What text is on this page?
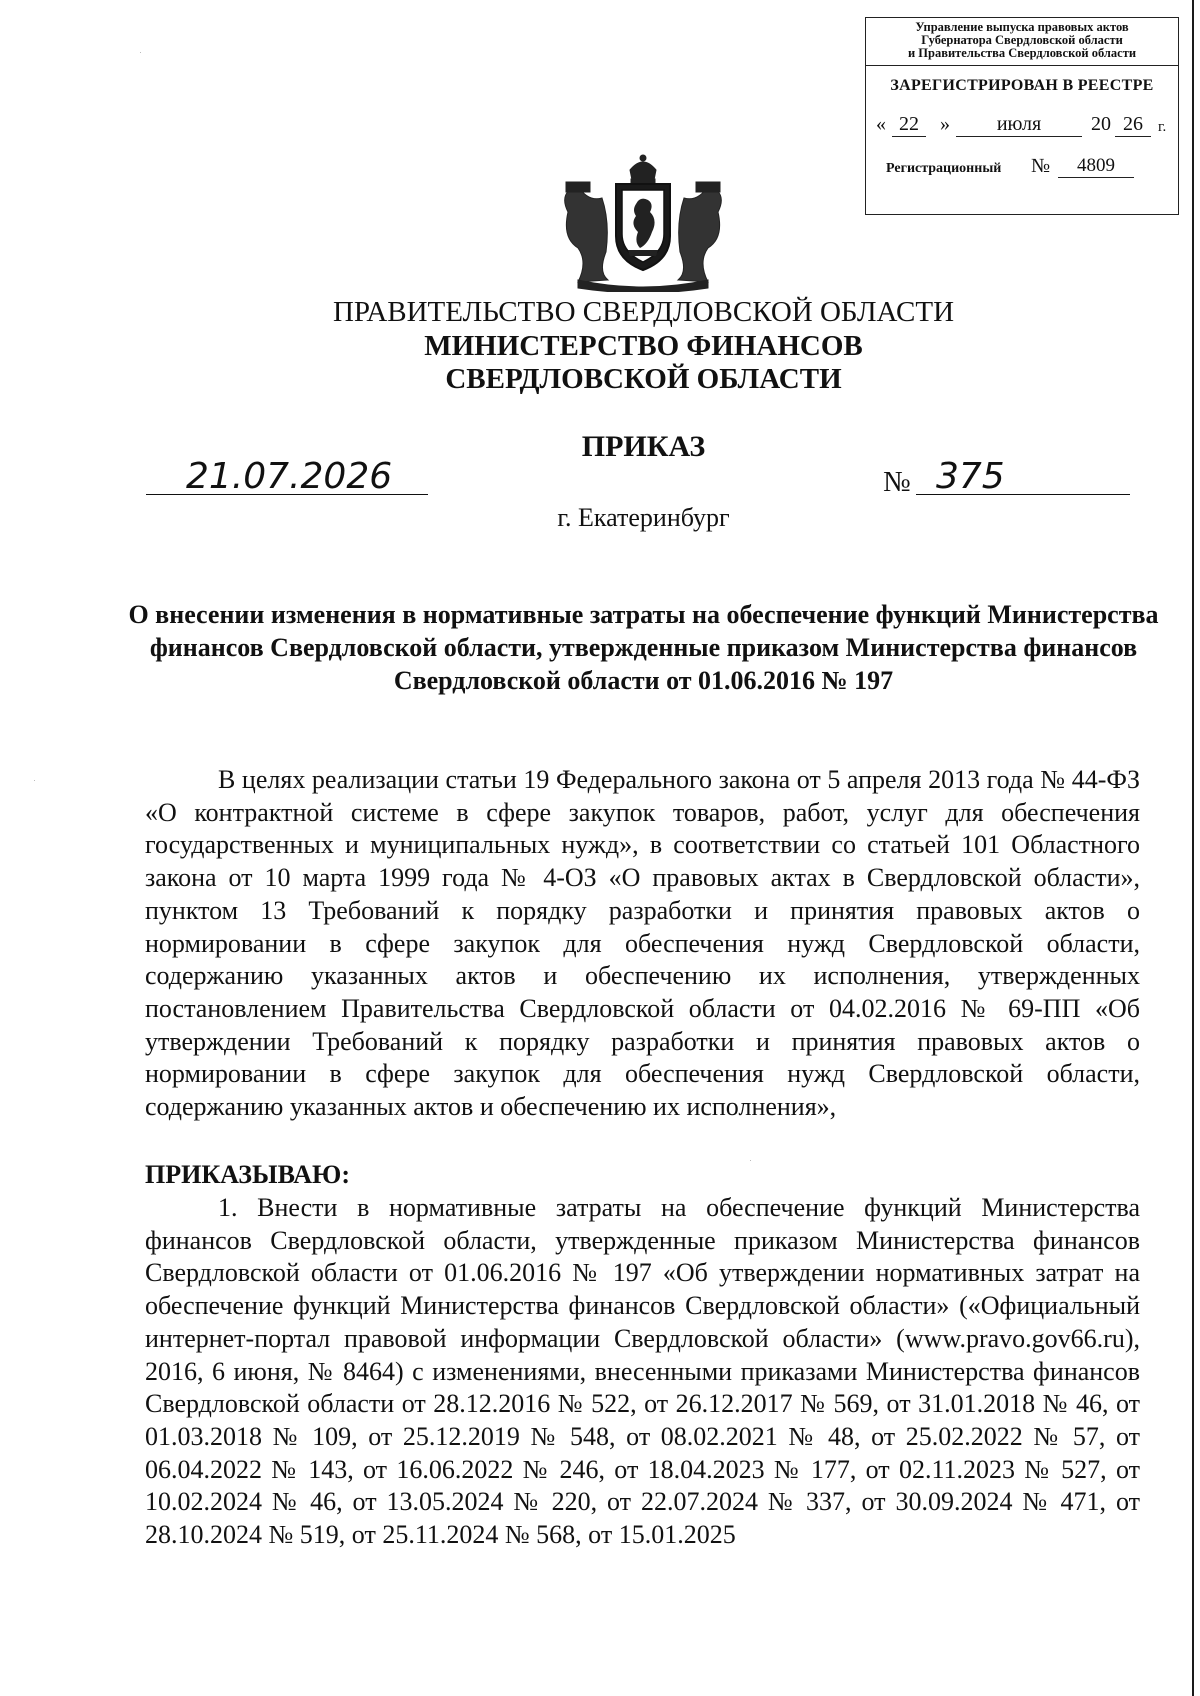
Управление выпуска правовых актов
Губернатора Свердловской области
и Правительства Свердловской области
ЗАРЕГИСТРИРОВАН В РЕЕСТРЕ
« 22	»	июля	20 26	г.
Регистрационный №	4809
ПРАВИТЕЛЬСТВО СВЕРДЛОВСКОЙ ОБЛАСТИ
МИНИСТЕРСТВО ФИНАНСОВ
СВЕРДЛОВСКОЙ ОБЛАСТИ
ПРИКАЗ
21.07.2026	№ 375
г. Екатеринбург
О внесении изменения в нормативные затраты на обеспечение функций Министерства финансов Свердловской области, утвержденные приказом Министерства финансов Свердловской области от 01.06.2016 № 197
В целях реализации статьи 19 Федерального закона от 5 апреля 2013 года № 44-ФЗ «О контрактной системе в сфере закупок товаров, работ, услуг для обеспечения государственных и муниципальных нужд», в соответствии со статьей 101 Областного закона от 10 марта 1999 года № 4-ОЗ «О правовых актах в Свердловской области», пунктом 13 Требований к порядку разработки и принятия правовых актов о нормировании в сфере закупок для обеспечения нужд Свердловской области, содержанию указанных актов и обеспечению их исполнения, утвержденных постановлением Правительства Свердловской области от 04.02.2016 № 69-ПП «Об утверждении Требований к порядку разработки и принятия правовых актов о нормировании в сфере закупок для обеспечения нужд Свердловской области, содержанию указанных актов и обеспечению их исполнения»,
ПРИКАЗЫВАЮ:
1. Внести в нормативные затраты на обеспечение функций Министерства финансов Свердловской области, утвержденные приказом Министерства финансов Свердловской области от 01.06.2016 № 197 «Об утверждении нормативных затрат на обеспечение функций Министерства финансов Свердловской области» («Официальный интернет-портал правовой информации Свердловской области» (www.pravo.gov66.ru), 2016, 6 июня, № 8464) с изменениями, внесенными приказами Министерства финансов Свердловской области от 28.12.2016 № 522, от 26.12.2017 № 569, от 31.01.2018 № 46, от 01.03.2018 № 109, от 25.12.2019 № 548, от 08.02.2021 № 48, от 25.02.2022 № 57, от 06.04.2022 № 143, от 16.06.2022 № 246, от 18.04.2023 № 177, от 02.11.2023 № 527, от 10.02.2024 № 46, от 13.05.2024 № 220, от 22.07.2024 № 337, от 30.09.2024 № 471, от 28.10.2024 № 519, от 25.11.2024 № 568, от 15.01.2025
